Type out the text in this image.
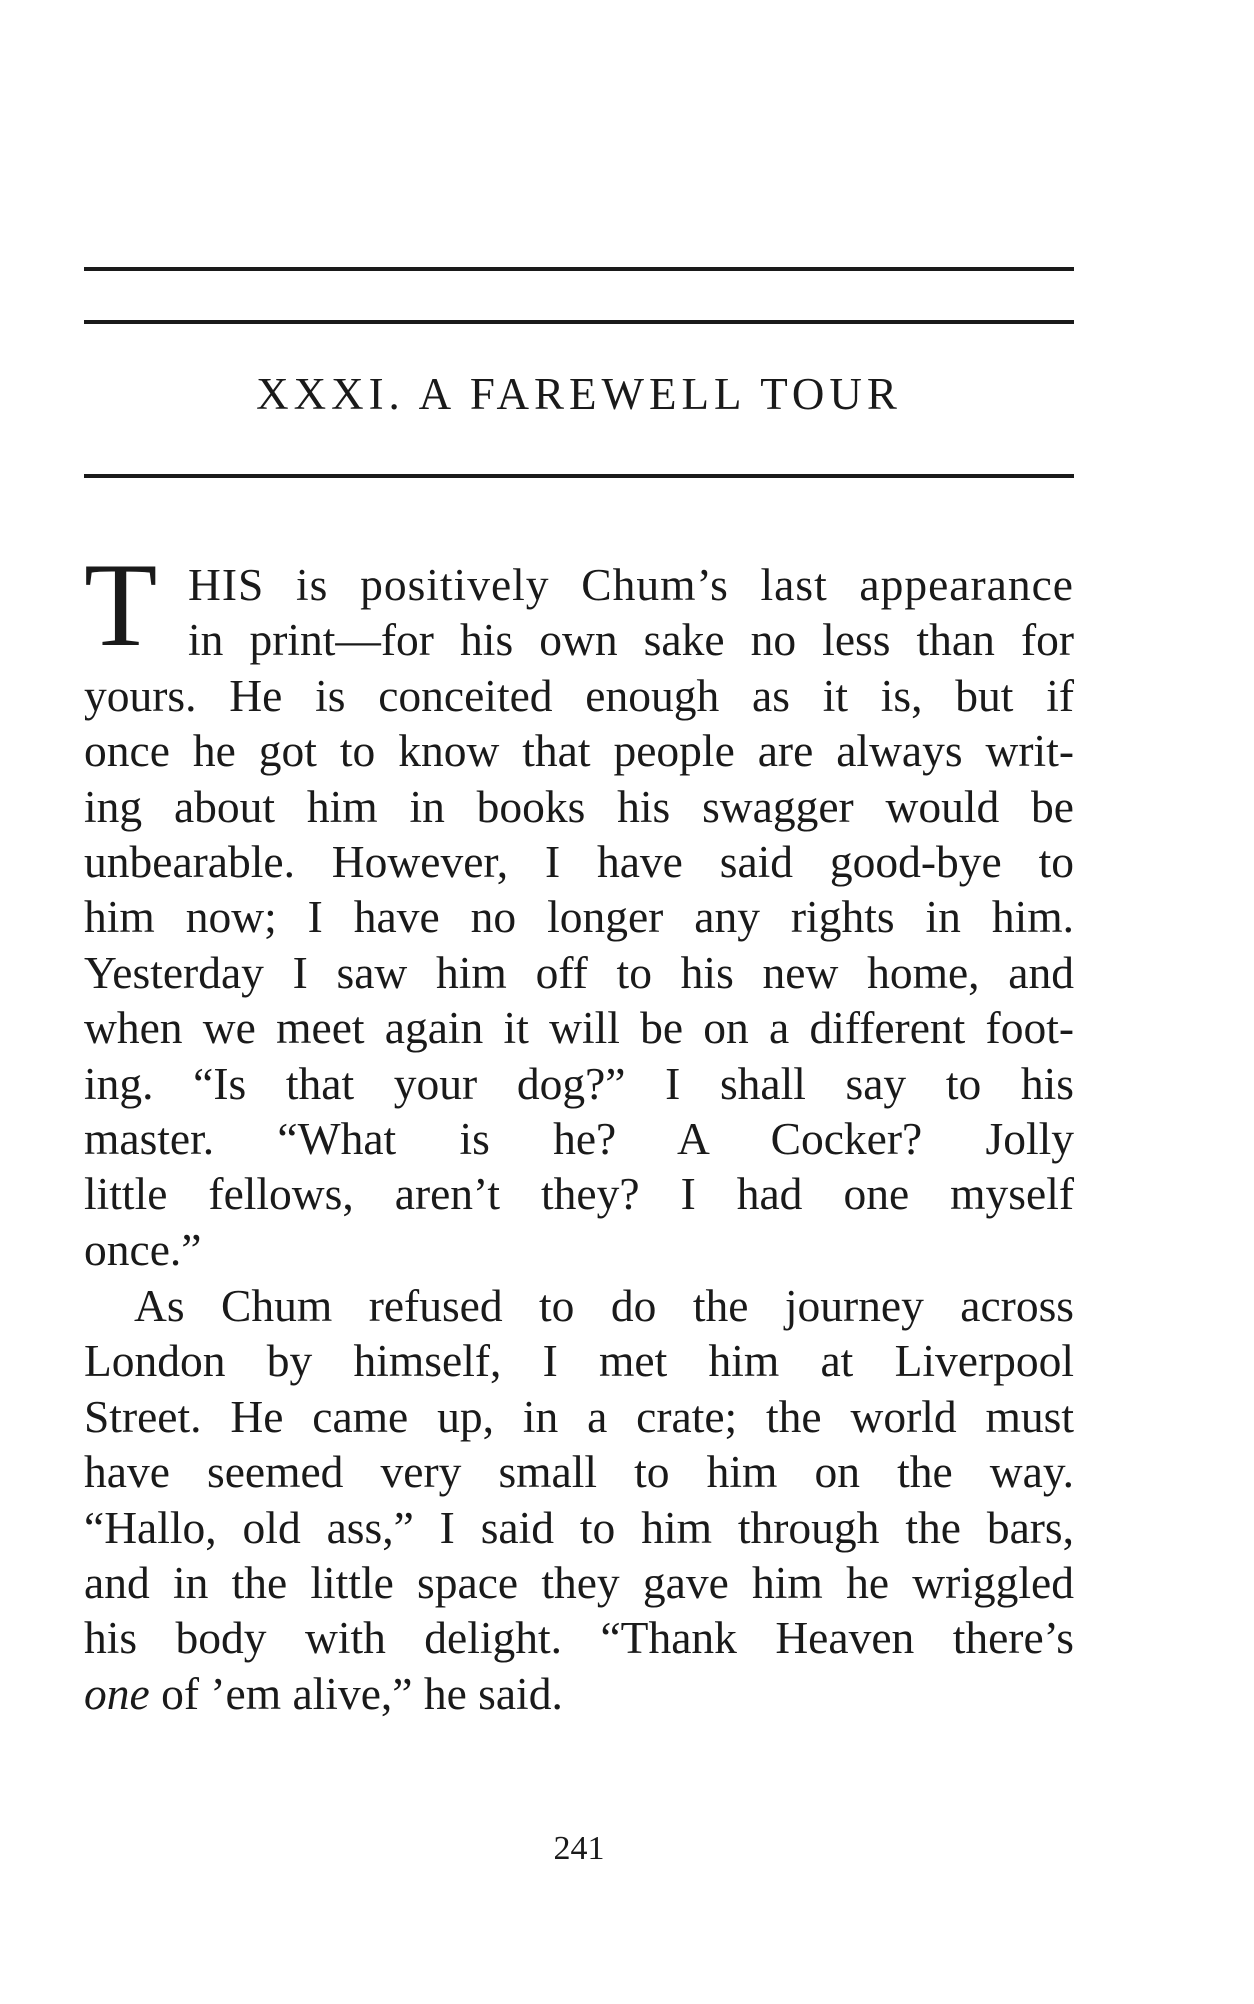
XXXI. A FAREWELL TOUR
T HIS is positively Chum’s last appearance
in print—for his own sake no less than for
yours. He is conceited enough as it is, but if
once he got to know that people are always writ-
ing about him in books his swagger would be
unbearable. However, I have said good-bye to
him now; I have no longer any rights in him.
Yesterday I saw him off to his new home, and
when we meet again it will be on a different foot-
ing. “Is that your dog?” I shall say to his
master. “What is he? A Cocker? Jolly
little fellows, aren’t they? I had one myself
once.”
As Chum refused to do the journey across
London by himself, I met him at Liverpool
Street. He came up, in a crate; the world must
have seemed very small to him on the way.
“Hallo, old ass,” I said to him through the bars,
and in the little space they gave him he wriggled
his body with delight. “Thank Heaven there’s
one of ’em alive,” he said.
241
